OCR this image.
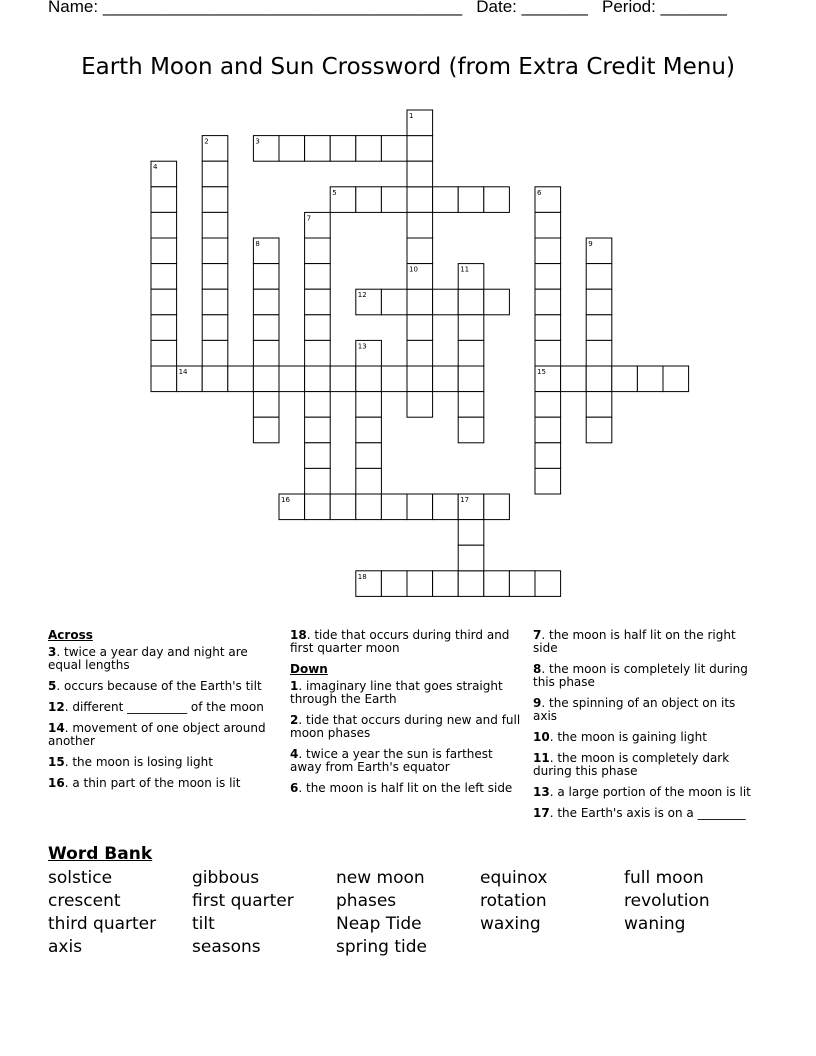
Name: ______________________________________ Date: _______ Period: _______
Earth Moon and Sun Crossword (from Extra Credit Menu)
3
5
12
14	15
16
18
1
2
4
6
7
8	9
10	11
13
17
Across
3. twice a year day and night are equal lengths
5. occurs because of the Earth's tilt
12. different __________ of the moon
14. movement of one object around another
15. the moon is losing light
16. a thin part of the moon is lit
18. tide that occurs during third and first quarter moon
Down
1. imaginary line that goes straight through the Earth
2. tide that occurs during new and full moon phases
4. twice a year the sun is farthest away from Earth's equator
6. the moon is half lit on the left side
7. the moon is half lit on the right side
8. the moon is completely lit during this phase
9. the spinning of an object on its axis
10. the moon is gaining light
11. the moon is completely dark during this phase
13. a large portion of the moon is lit
17. the Earth's axis is on a ________
Word Bank
solstice	gibbous	new moon	equinox	full moon
crescent	first quarter	phases	rotation	revolution
third quarter	tilt	Neap Tide	waxing	waning
axis	seasons	spring tide
